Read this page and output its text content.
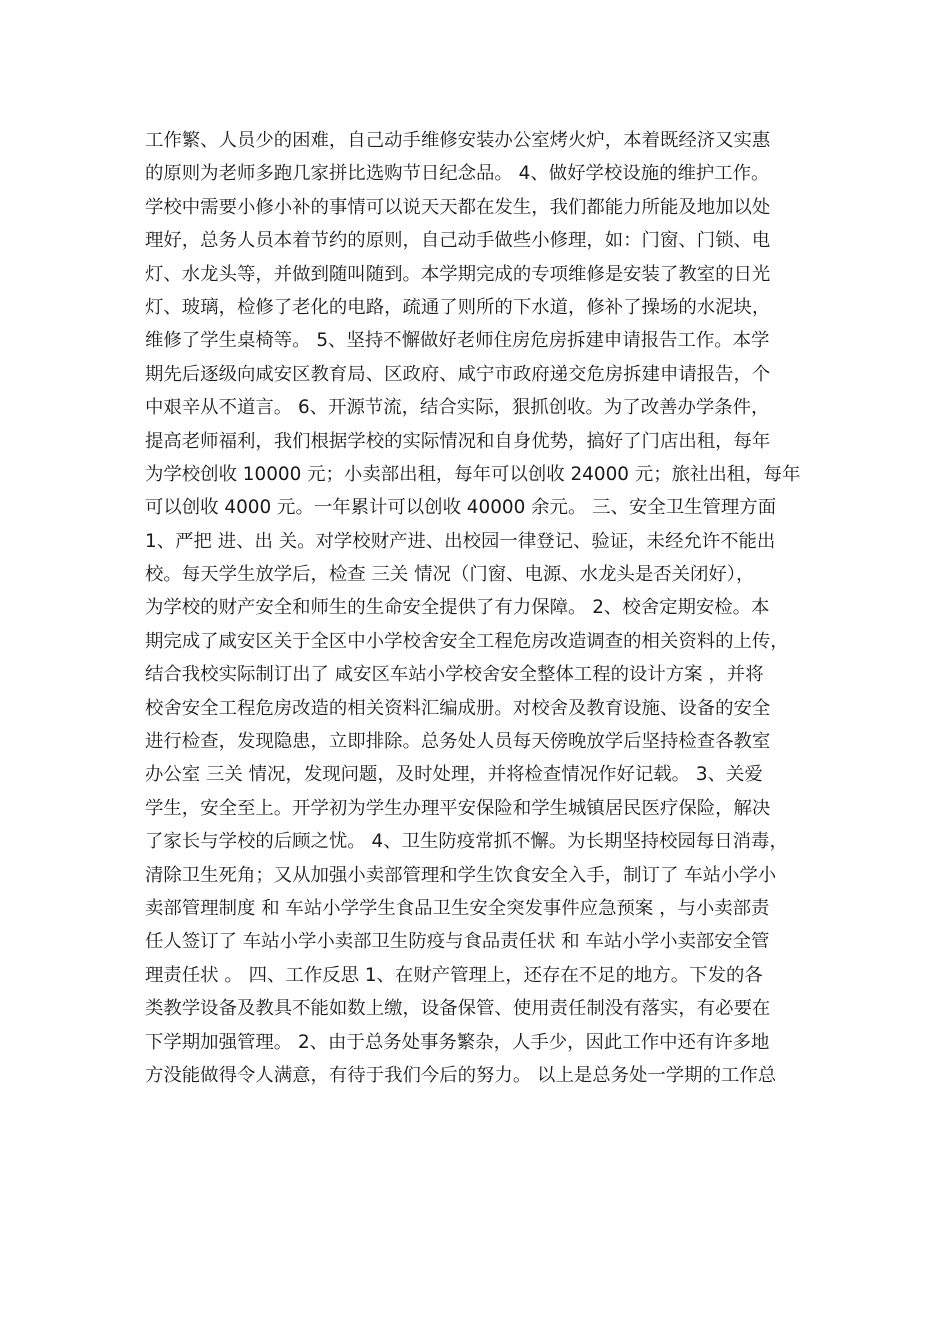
工作繁、人员少的困难，自己动手维修安装办公室烤火炉，本着既经济又实惠
的原则为老师多跑几家拼比选购节日纪念品。 4、做好学校设施的维护工作。
学校中需要小修小补的事情可以说天天都在发生，我们都能力所能及地加以处
理好，总务人员本着节约的原则，自己动手做些小修理，如：门窗、门锁、电
灯、水龙头等，并做到随叫随到。本学期完成的专项维修是安装了教室的日光
灯、玻璃，检修了老化的电路，疏通了则所的下水道，修补了操场的水泥块，
维修了学生桌椅等。 5、坚持不懈做好老师住房危房拆建申请报告工作。本学
期先后逐级向咸安区教育局、区政府、咸宁市政府递交危房拆建申请报告，个
中艰辛从不道言。 6、开源节流，结合实际，狠抓创收。为了改善办学条件，
提高老师福利，我们根据学校的实际情况和自身优势，搞好了门店出租，每年
为学校创收 10000 元；小卖部出租，每年可以创收 24000 元；旅社出租，每年
可以创收 4000 元。一年累计可以创收 40000 余元。 三、安全卫生管理方面
1、严把 进、出 关。对学校财产进、出校园一律登记、验证，未经允许不能出
校。每天学生放学后，检查 三关 情况（门窗、电源、水龙头是否关闭好），
为学校的财产安全和师生的生命安全提供了有力保障。 2、校舍定期安检。本
期完成了咸安区关于全区中小学校舍安全工程危房改造调查的相关资料的上传，
结合我校实际制订出了 咸安区车站小学校舍安全整体工程的设计方案 ，并将
校舍安全工程危房改造的相关资料汇编成册。对校舍及教育设施、设备的安全
进行检查，发现隐患，立即排除。总务处人员每天傍晚放学后坚持检查各教室
办公室 三关 情况，发现问题，及时处理，并将检查情况作好记载。 3、关爱
学生，安全至上。开学初为学生办理平安保险和学生城镇居民医疗保险，解决
了家长与学校的后顾之忧。 4、卫生防疫常抓不懈。为长期坚持校园每日消毒，
清除卫生死角；又从加强小卖部管理和学生饮食安全入手，制订了 车站小学小
卖部管理制度 和 车站小学学生食品卫生安全突发事件应急预案 ，与小卖部责
任人签订了 车站小学小卖部卫生防疫与食品责任状 和 车站小学小卖部安全管
理责任状 。 四、工作反思 1、在财产管理上，还存在不足的地方。下发的各
类教学设备及教具不能如数上缴，设备保管、使用责任制没有落实，有必要在
下学期加强管理。 2、由于总务处事务繁杂，人手少，因此工作中还有许多地
方没能做得令人满意，有待于我们今后的努力。 以上是总务处一学期的工作总
